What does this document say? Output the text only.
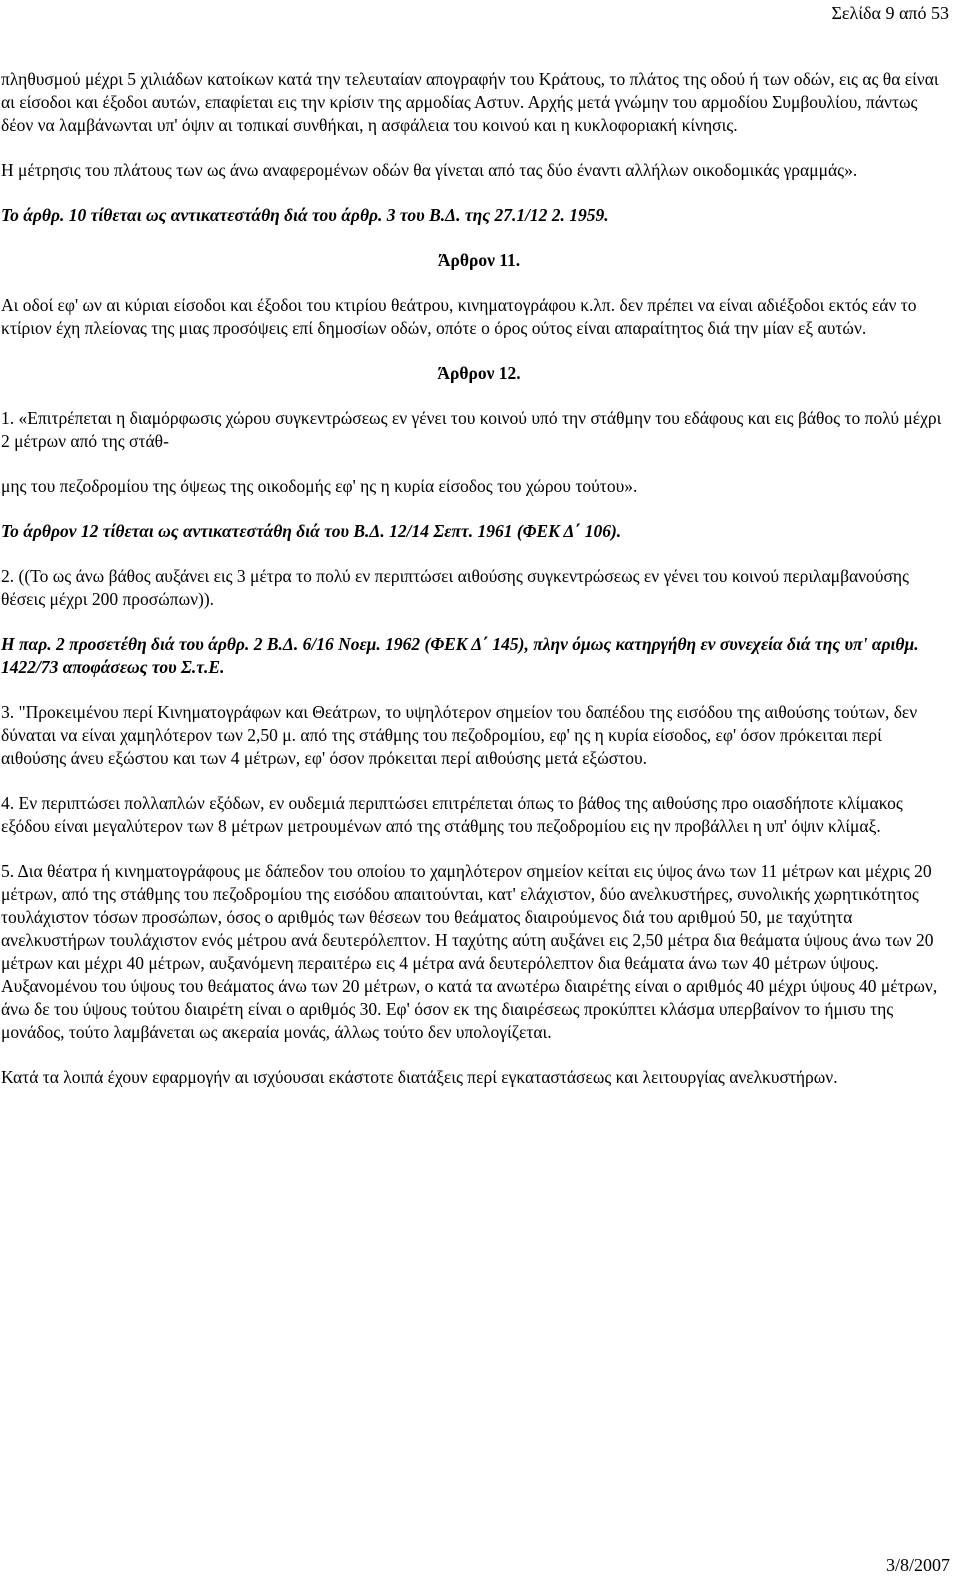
Σελίδα 9 από 53

πληθυσμού μέχρι 5 χιλιάδων κατοίκων κατά την τελευταίαν απογραφήν του Κράτους, το πλάτος της οδού ή των οδών, εις ας θα είναι αι είσοδοι και έξοδοι αυτών, επαφίεται εις την κρίσιν της αρμοδίας Αστυν. Αρχής μετά γνώμην του αρμοδίου Συμβουλίου, πάντως δέον να λαμβάνωνται υπ' όψιν αι τοπικαί συνθήκαι, η ασφάλεια του κοινού και η κυκλοφοριακή κίνησις.

Η μέτρησις του πλάτους των ως άνω αναφερομένων οδών θα γίνεται από τας δύο έναντι αλλήλων οικοδομικάς γραμμάς».

Το άρθρ. 10 τίθεται ως αντικατεστάθη διά του άρθρ. 3 του Β.Δ. της 27.1/12 2. 1959.

Άρθρον 11.

Αι οδοί εφ' ων αι κύριαι είσοδοι και έξοδοι του κτιρίου θεάτρου, κινηματογράφου κ.λπ. δεν πρέπει να είναι αδιέξοδοι εκτός εάν το κτίριον έχη πλείονας της μιας προσόψεις επί δημοσίων οδών, οπότε ο όρος ούτος είναι απαραίτητος διά την μίαν εξ αυτών.

Άρθρον 12.

1. «Επιτρέπεται η διαμόρφωσις χώρου συγκεντρώσεως εν γένει του κοινού υπό την στάθμην του εδάφους και εις βάθος το πολύ μέχρι 2 μέτρων από της στάθ-

μης του πεζοδρομίου της όψεως της οικοδομής εφ' ης η κυρία είσοδος του χώρου τούτου».

Το άρθρον 12 τίθεται ως αντικατεστάθη διά του Β.Δ. 12/14 Σεπτ. 1961 (ΦΕΚ Δ΄ 106).

2. ((Το ως άνω βάθος αυξάνει εις 3 μέτρα το πολύ εν περιπτώσει αιθούσης συγκεντρώσεως εν γένει του κοινού περιλαμβανούσης θέσεις μέχρι 200 προσώπων)).

Η παρ. 2 προσετέθη διά του άρθρ. 2 Β.Δ. 6/16 Νοεμ. 1962 (ΦΕΚ Δ΄ 145), πλην όμως κατηργήθη εν συνεχεία διά της υπ' αριθμ. 1422/73 αποφάσεως του Σ.τ.Ε.

3. "Προκειμένου περί Κινηματογράφων και Θεάτρων, το υψηλότερον σημείον του δαπέδου της εισόδου της αιθούσης τούτων, δεν δύναται να είναι χαμηλότερον των 2,50 μ. από της στάθμης του πεζοδρομίου, εφ' ης η κυρία είσοδος, εφ' όσον πρόκειται περί αιθούσης άνευ εξώστου και των 4 μέτρων, εφ' όσον πρόκειται περί αιθούσης μετά εξώστου.

4. Εν περιπτώσει πολλαπλών εξόδων, εν ουδεμιά περιπτώσει επιτρέπεται όπως το βάθος της αιθούσης προ οιασδήποτε κλίμακος εξόδου είναι μεγαλύτερον των 8 μέτρων μετρουμένων από της στάθμης του πεζοδρομίου εις ην προβάλλει η υπ' όψιν κλίμαξ.

5. Δια θέατρα ή κινηματογράφους με δάπεδον του οποίου το χαμηλότερον σημείον κείται εις ύψος άνω των 11 μέτρων και μέχρις 20 μέτρων, από της στάθμης του πεζοδρομίου της εισόδου απαιτούνται, κατ' ελάχιστον, δύο ανελκυστήρες, συνολικής χωρητικότητος τουλάχιστον τόσων προσώπων, όσος ο αριθμός των θέσεων του θεάματος διαιρούμενος διά του αριθμού 50, με ταχύτητα ανελκυστήρων τουλάχιστον ενός μέτρου ανά δευτερόλεπτον. Η ταχύτης αύτη αυξάνει εις 2,50 μέτρα δια θεάματα ύψους άνω των 20 μέτρων και μέχρι 40 μέτρων, αυξανόμενη περαιτέρω εις 4 μέτρα ανά δευτερόλεπτον δια θεάματα άνω των 40 μέτρων ύψους. Αυξανομένου του ύψους του θεάματος άνω των 20 μέτρων, ο κατά τα ανωτέρω διαιρέτης είναι ο αριθμός 40 μέχρι ύψους 40 μέτρων, άνω δε του ύψους τούτου διαιρέτη είναι ο αριθμός 30. Εφ' όσον εκ της διαιρέσεως προκύπτει κλάσμα υπερβαίνον το ήμισυ της μονάδος, τούτο λαμβάνεται ως ακεραία μονάς, άλλως τούτο δεν υπολογίζεται.

Κατά τα λοιπά έχουν εφαρμογήν αι ισχύουσαι εκάστοτε διατάξεις περί εγκαταστάσεως και λειτουργίας ανελκυστήρων.

3/8/2007
